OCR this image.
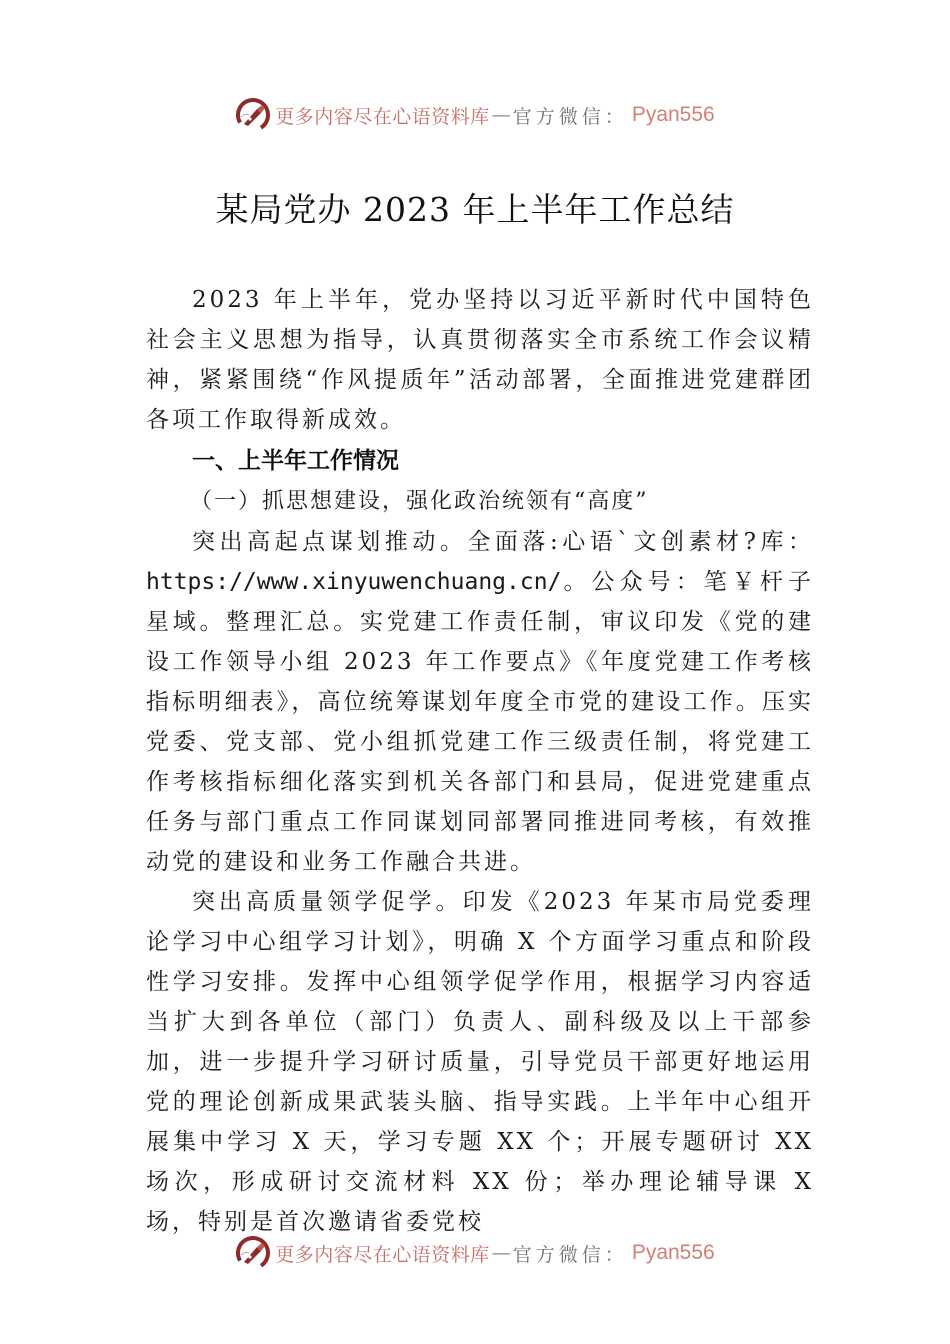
更多内容尽在心语资料库 — 官方微信： Pyan556
某局党办 2023 年上半年工作总结

2023 年上半年，党办坚持以习近平新时代中国特色社会主义思想为指导，认真贯彻落实全市系统工作会议精神，紧紧围绕“作风提质年”活动部署，全面推进党建群团各项工作取得新成效。

一、上半年工作情况

（一）抓思想建设，强化政治统领有“高度”

突出高起点谋划推动。全面落:心语`文创素材?库：https://www.xinyuwenchuang.cn/。公众号：笔￥杆子星域。整理汇总。实党建工作责任制，审议印发《党的建设工作领导小组 2023 年工作要点》《年度党建工作考核指标明细表》，高位统筹谋划年度全市党的建设工作。压实党委、党支部、党小组抓党建工作三级责任制，将党建工作考核指标细化落实到机关各部门和县局，促进党建重点任务与部门重点工作同谋划同部署同推进同考核，有效推动党的建设和业务工作融合共进。

突出高质量领学促学。印发《2023 年某市局党委理论学习中心组学习计划》，明确 X 个方面学习重点和阶段性学习安排。发挥中心组领学促学作用，根据学习内容适当扩大到各单位（部门）负责人、副科级及以上干部参加，进一步提升学习研讨质量，引导党员干部更好地运用党的理论创新成果武装头脑、指导实践。上半年中心组开展集中学习 X 天，学习专题 XX 个；开展专题研讨 XX 场次，形成研讨交流材料 XX 份；举办理论辅导课 X 场，特别是首次邀请省委党校

更多内容尽在心语资料库 — 官方微信： Pyan556
